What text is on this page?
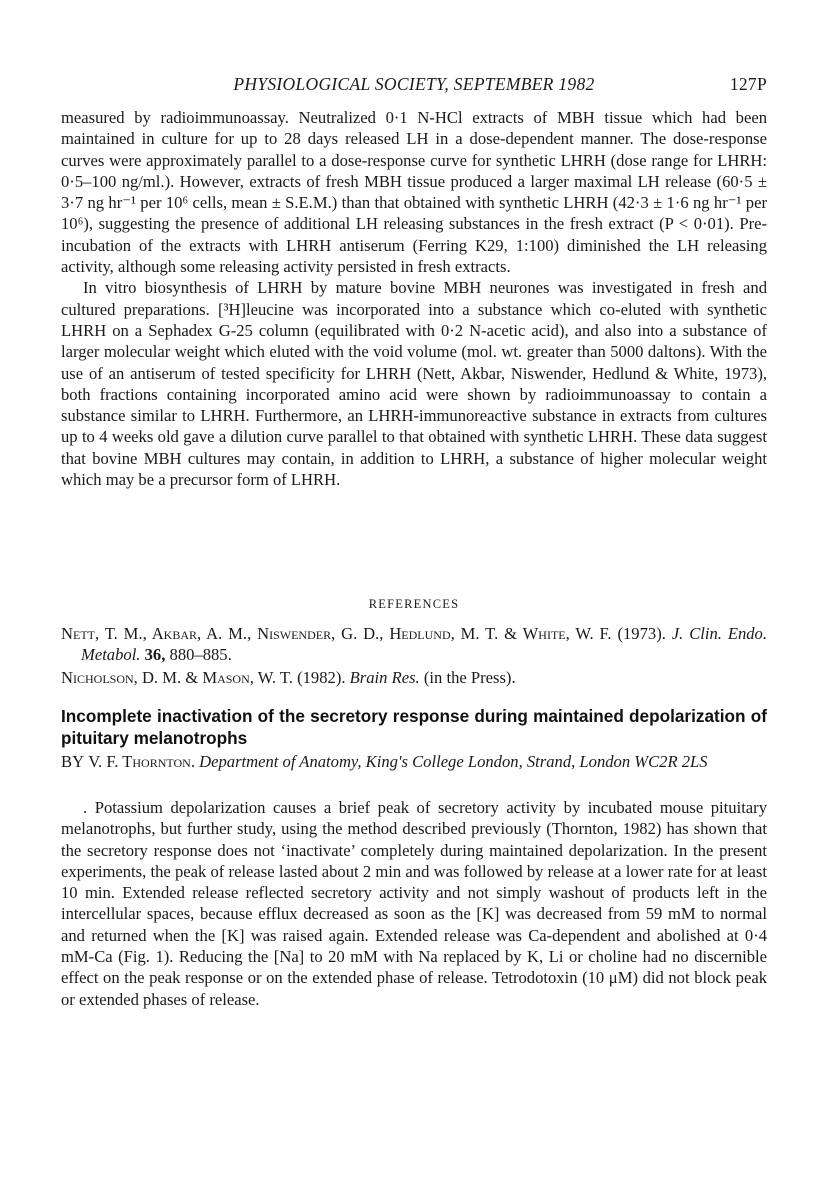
PHYSIOLOGICAL SOCIETY, SEPTEMBER 1982	127P

measured by radioimmunoassay. Neutralized 0·1 N-HCl extracts of MBH tissue which had been maintained in culture for up to 28 days released LH in a dose-dependent manner. The dose-response curves were approximately parallel to a dose-response curve for synthetic LHRH (dose range for LHRH: 0·5–100 ng/ml.). However, extracts of fresh MBH tissue produced a larger maximal LH release (60·5 ± 3·7 ng hr⁻¹ per 10⁶ cells, mean ± S.E.M.) than that obtained with synthetic LHRH (42·3 ± 1·6 ng hr⁻¹ per 10⁶), suggesting the presence of additional LH releasing substances in the fresh extract (P < 0·01). Pre-incubation of the extracts with LHRH antiserum (Ferring K29, 1:100) diminished the LH releasing activity, although some releasing activity persisted in fresh extracts.

In vitro biosynthesis of LHRH by mature bovine MBH neurones was investigated in fresh and cultured preparations. [³H]leucine was incorporated into a substance which co-eluted with synthetic LHRH on a Sephadex G-25 column (equilibrated with 0·2 N-acetic acid), and also into a substance of larger molecular weight which eluted with the void volume (mol. wt. greater than 5000 daltons). With the use of an antiserum of tested specificity for LHRH (Nett, Akbar, Niswender, Hedlund & White, 1973), both fractions containing incorporated amino acid were shown by radioimmunoassay to contain a substance similar to LHRH. Furthermore, an LHRH-immunoreactive substance in extracts from cultures up to 4 weeks old gave a dilution curve parallel to that obtained with synthetic LHRH. These data suggest that bovine MBH cultures may contain, in addition to LHRH, a substance of higher molecular weight which may be a precursor form of LHRH.

REFERENCES

Nett, T. M., Akbar, A. M., Niswender, G. D., Hedlund, M. T. & White, W. F. (1973). J. Clin. Endo. Metabol. 36, 880–885.

Nicholson, D. M. & Mason, W. T. (1982). Brain Res. (in the Press).

Incomplete inactivation of the secretory response during maintained depolarization of pituitary melanotrophs
BY V. F. Thornton. Department of Anatomy, King's College London, Strand, London WC2R 2LS

. Potassium depolarization causes a brief peak of secretory activity by incubated mouse pituitary melanotrophs, but further study, using the method described previously (Thornton, 1982) has shown that the secretory response does not ‘inactivate’ completely during maintained depolarization. In the present experiments, the peak of release lasted about 2 min and was followed by release at a lower rate for at least 10 min. Extended release reflected secretory activity and not simply washout of products left in the intercellular spaces, because efflux decreased as soon as the [K] was decreased from 59 mM to normal and returned when the [K] was raised again. Extended release was Ca-dependent and abolished at 0·4 mM-Ca (Fig. 1). Reducing the [Na] to 20 mM with Na replaced by K, Li or choline had no discernible effect on the peak response or on the extended phase of release. Tetrodotoxin (10 μM) did not block peak or extended phases of release.
